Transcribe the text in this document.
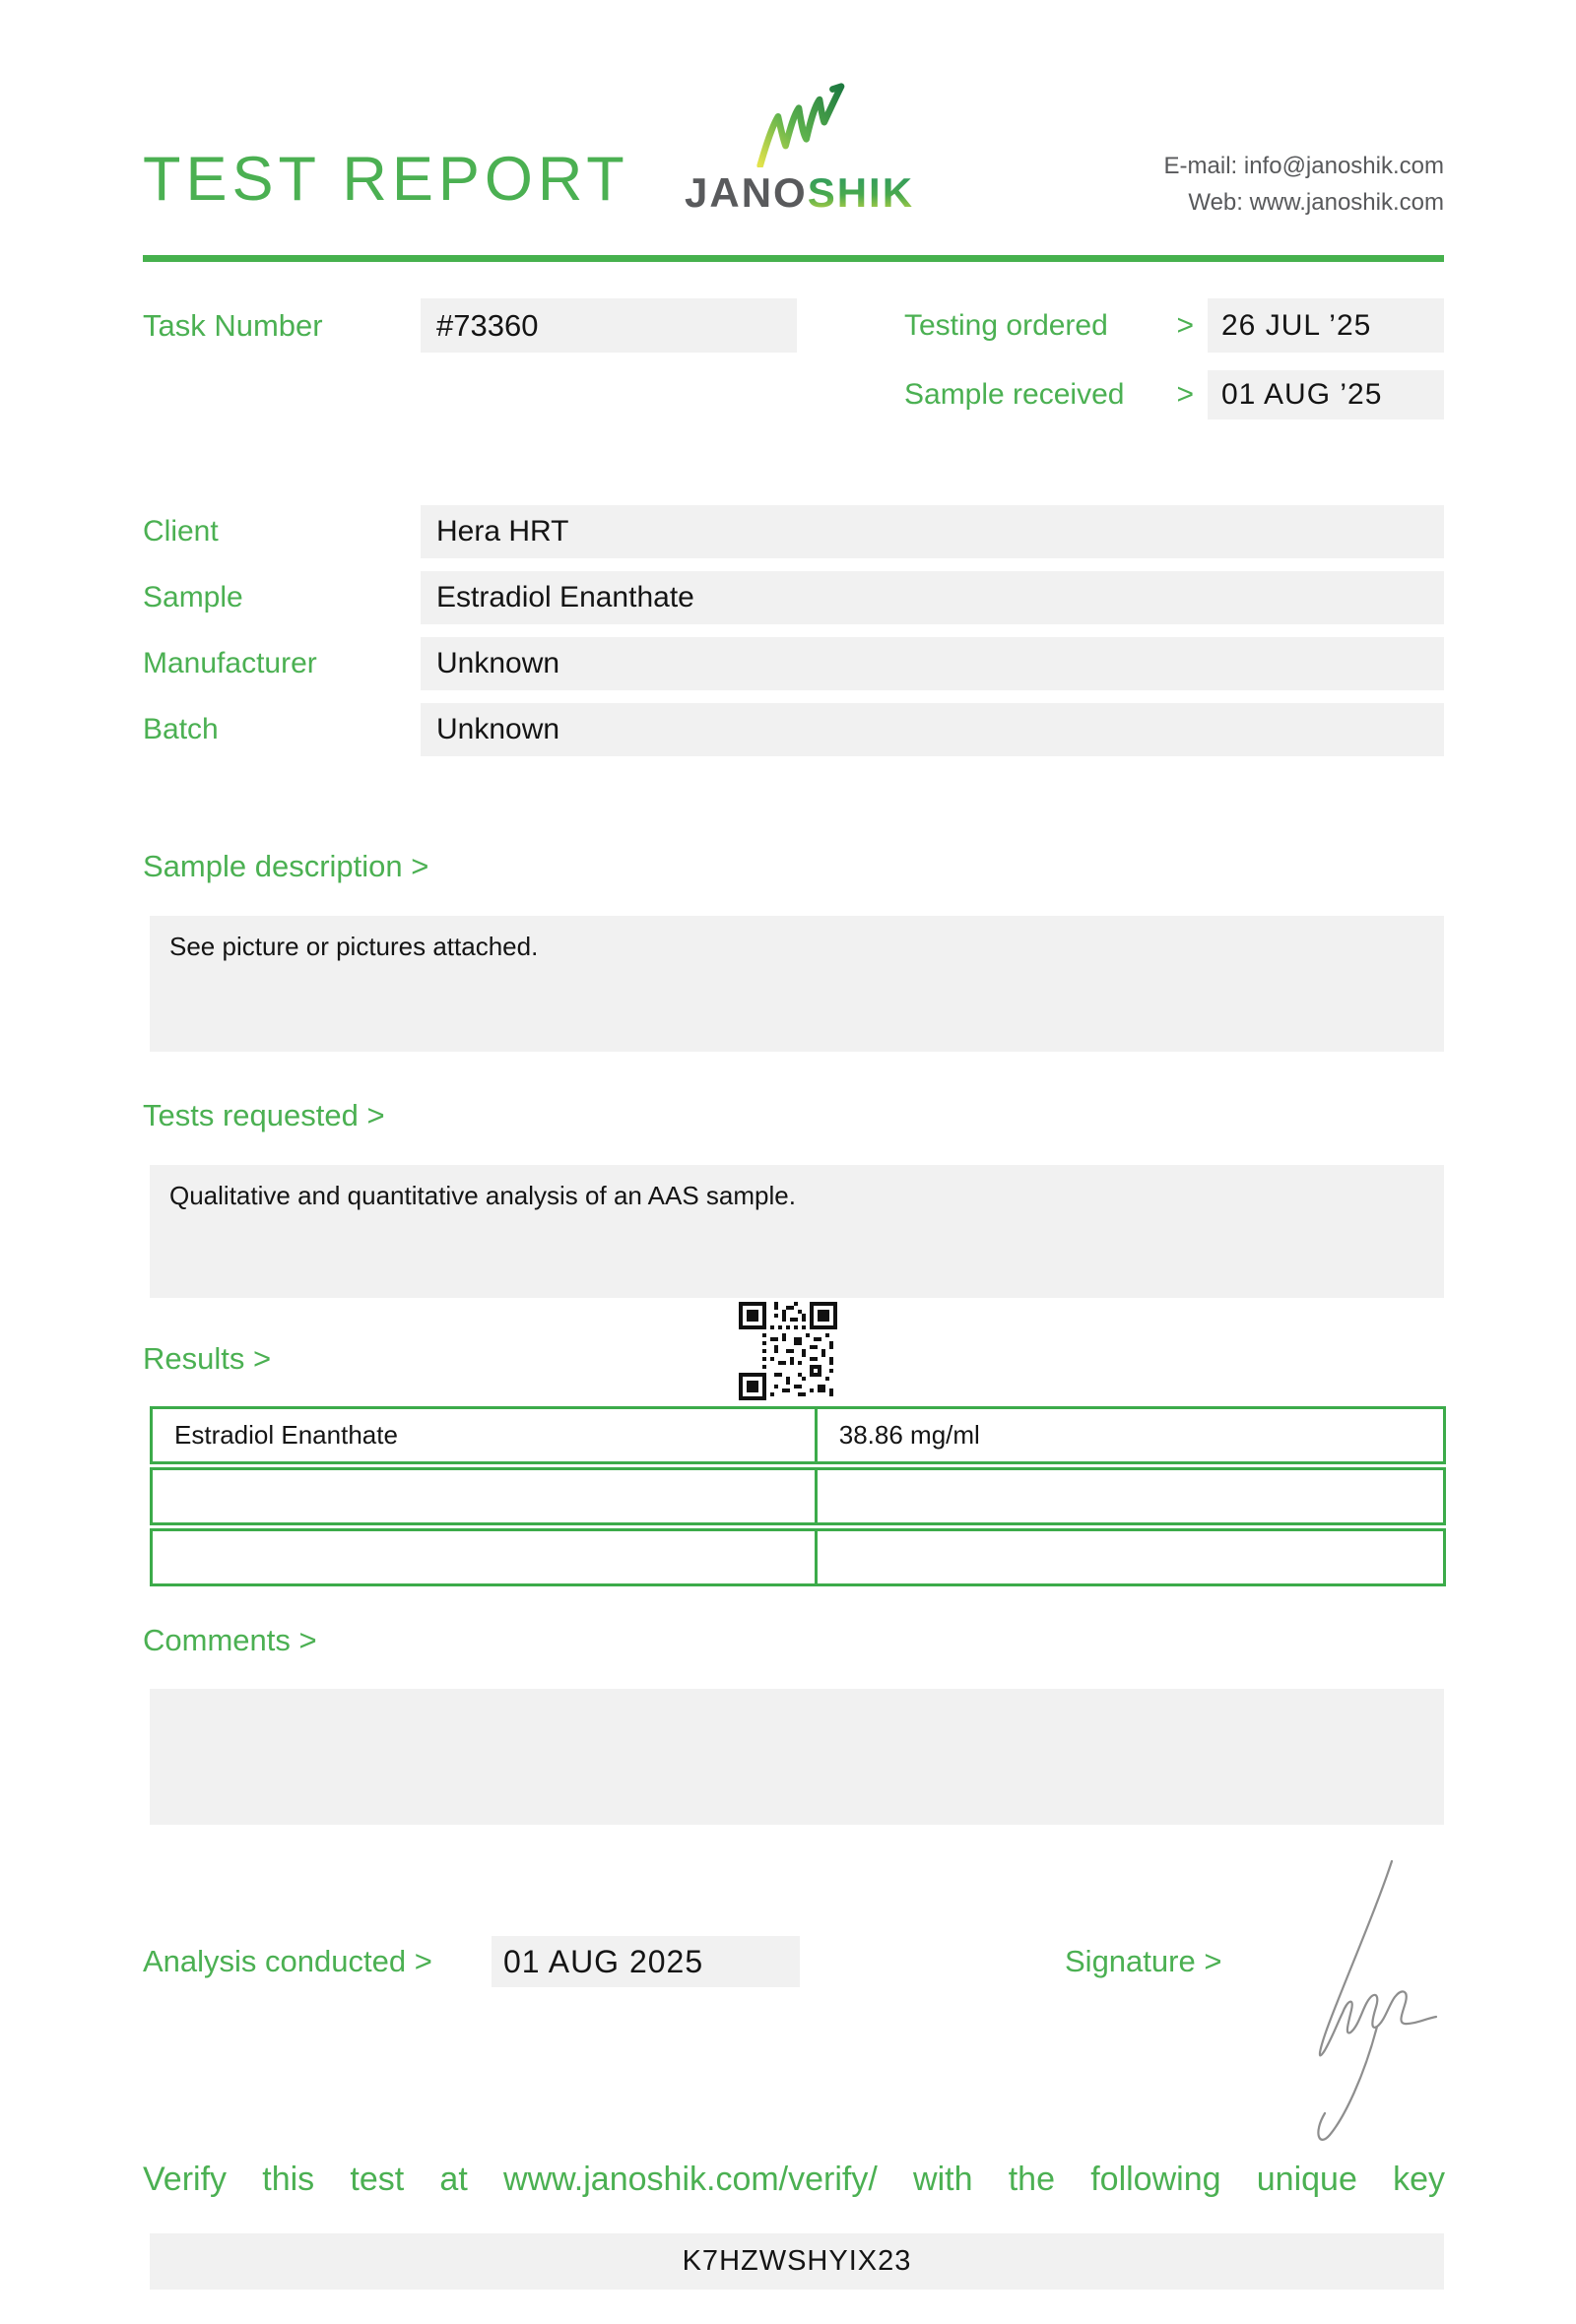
TEST REPORT JANOSHIK
E-mail: info@janoshik.com
Web: www.janoshik.com
Task Number	#73360	Testing ordered > 26 JUL ’25
Sample received > 01 AUG ’25
Client	Hera HRT
Sample	Estradiol Enanthate
Manufacturer	Unknown
Batch	Unknown
Sample description >
See picture or pictures attached.
Tests requested >
Qualitative and quantitative analysis of an AAS sample.
Results >
Estradiol Enanthate	38.86 mg/ml
Comments >
Analysis conducted >	01 AUG 2025	Signature >
Verify this test at www.janoshik.com/verify/ with the following unique key
K7HZWSHYIX23
